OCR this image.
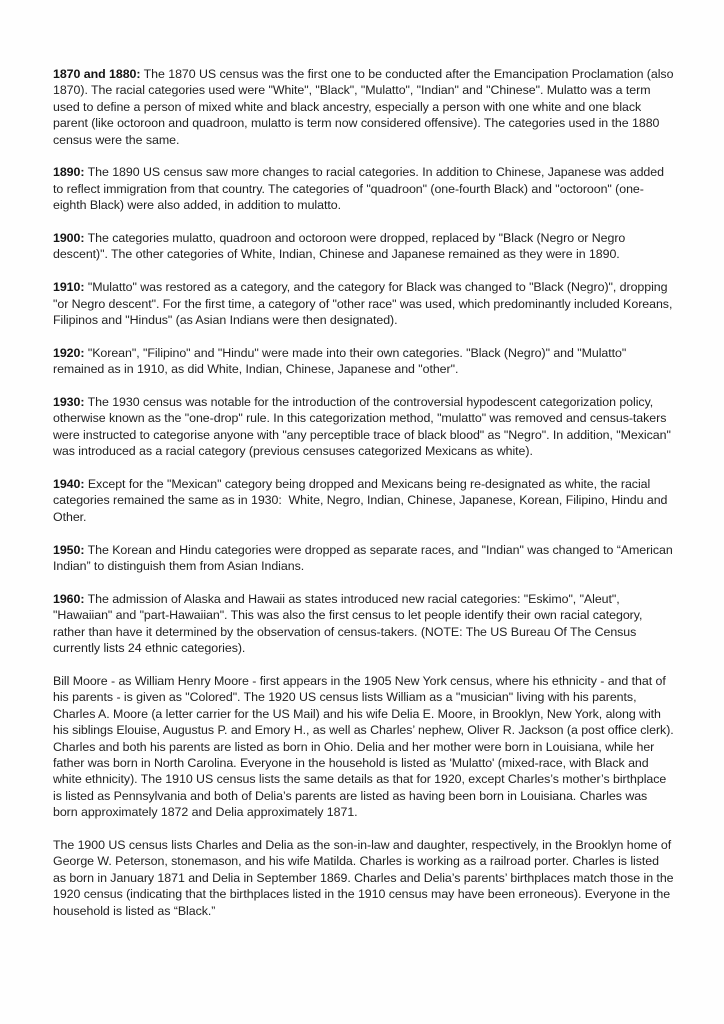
1870 and 1880: The 1870 US census was the first one to be conducted after the Emancipation Proclamation (also 1870). The racial categories used were "White", "Black", "Mulatto", "Indian" and "Chinese". Mulatto was a term used to define a person of mixed white and black ancestry, especially a person with one white and one black parent (like octoroon and quadroon, mulatto is term now considered offensive). The categories used in the 1880 census were the same.

1890: The 1890 US census saw more changes to racial categories. In addition to Chinese, Japanese was added to reflect immigration from that country. The categories of "quadroon" (one-fourth Black) and "octoroon" (one-eighth Black) were also added, in addition to mulatto.

1900: The categories mulatto, quadroon and octoroon were dropped, replaced by "Black (Negro or Negro descent)". The other categories of White, Indian, Chinese and Japanese remained as they were in 1890.

1910: "Mulatto" was restored as a category, and the category for Black was changed to "Black (Negro)", dropping "or Negro descent". For the first time, a category of "other race" was used, which predominantly included Koreans, Filipinos and "Hindus" (as Asian Indians were then designated).

1920: "Korean", "Filipino" and "Hindu" were made into their own categories. "Black (Negro)" and "Mulatto" remained as in 1910, as did White, Indian, Chinese, Japanese and "other".

1930: The 1930 census was notable for the introduction of the controversial hypodescent categorization policy, otherwise known as the "one-drop" rule. In this categorization method, "mulatto" was removed and census-takers were instructed to categorise anyone with "any perceptible trace of black blood" as "Negro". In addition, "Mexican" was introduced as a racial category (previous censuses categorized Mexicans as white).

1940: Except for the "Mexican" category being dropped and Mexicans being re-designated as white, the racial categories remained the same as in 1930:  White, Negro, Indian, Chinese, Japanese, Korean, Filipino, Hindu and Other.

1950: The Korean and Hindu categories were dropped as separate races, and "Indian" was changed to “American Indian” to distinguish them from Asian Indians.

1960: The admission of Alaska and Hawaii as states introduced new racial categories: "Eskimo", "Aleut", "Hawaiian" and "part-Hawaiian". This was also the first census to let people identify their own racial category, rather than have it determined by the observation of census-takers. (NOTE: The US Bureau Of The Census currently lists 24 ethnic categories).

Bill Moore - as William Henry Moore - first appears in the 1905 New York census, where his ethnicity - and that of his parents - is given as "Colored". The 1920 US census lists William as a "musician" living with his parents, Charles A. Moore (a letter carrier for the US Mail) and his wife Delia E. Moore, in Brooklyn, New York, along with his siblings Elouise, Augustus P. and Emory H., as well as Charles’ nephew, Oliver R. Jackson (a post office clerk). Charles and both his parents are listed as born in Ohio. Delia and her mother were born in Louisiana, while her father was born in North Carolina. Everyone in the household is listed as 'Mulatto' (mixed-race, with Black and white ethnicity). The 1910 US census lists the same details as that for 1920, except Charles’s mother’s birthplace is listed as Pennsylvania and both of Delia’s parents are listed as having been born in Louisiana. Charles was born approximately 1872 and Delia approximately 1871.

The 1900 US census lists Charles and Delia as the son-in-law and daughter, respectively, in the Brooklyn home of George W. Peterson, stonemason, and his wife Matilda. Charles is working as a railroad porter. Charles is listed as born in January 1871 and Delia in September 1869. Charles and Delia’s parents’ birthplaces match those in the 1920 census (indicating that the birthplaces listed in the 1910 census may have been erroneous). Everyone in the household is listed as “Black.”
